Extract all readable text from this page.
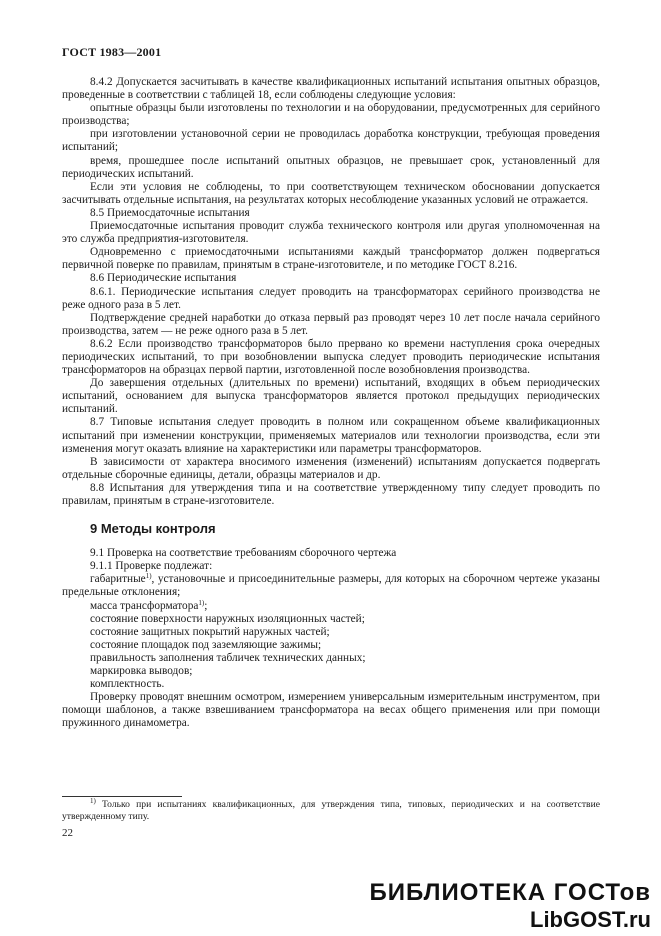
ГОСТ 1983—2001

8.4.2 Допускается засчитывать в качестве квалификационных испытаний испытания опытных образцов, проведенные в соответствии с таблицей 18, если соблюдены следующие условия:

опытные образцы были изготовлены по технологии и на оборудовании, предусмотренных для серийного производства;

при изготовлении установочной серии не проводилась доработка конструкции, требующая проведения испытаний;

время, прошедшее после испытаний опытных образцов, не превышает срок, установленный для периодических испытаний.

Если эти условия не соблюдены, то при соответствующем техническом обосновании допускается засчитывать отдельные испытания, на результатах которых несоблюдение указанных условий не отражается.

8.5 Приемосдаточные испытания

Приемосдаточные испытания проводит служба технического контроля или другая уполномоченная на это служба предприятия-изготовителя.

Одновременно с приемосдаточными испытаниями каждый трансформатор должен подвергаться первичной поверке по правилам, принятым в стране-изготовителе, и по методике ГОСТ 8.216.

8.6 Периодические испытания

8.6.1. Периодические испытания следует проводить на трансформаторах серийного производства не реже одного раза в 5 лет.

Подтверждение средней наработки до отказа первый раз проводят через 10 лет после начала серийного производства, затем — не реже одного раза в 5 лет.

8.6.2 Если производство трансформаторов было прервано ко времени наступления срока очередных периодических испытаний, то при возобновлении выпуска следует проводить периодические испытания трансформаторов на образцах первой партии, изготовленной после возобновления производства.

До завершения отдельных (длительных по времени) испытаний, входящих в объем периодических испытаний, основанием для выпуска трансформаторов является протокол предыдущих периодических испытаний.

8.7 Типовые испытания следует проводить в полном или сокращенном объеме квалификационных испытаний при изменении конструкции, применяемых материалов или технологии производства, если эти изменения могут оказать влияние на характеристики или параметры трансформаторов.

В зависимости от характера вносимого изменения (изменений) испытаниям допускается подвергать отдельные сборочные единицы, детали, образцы материалов и др.

8.8 Испытания для утверждения типа и на соответствие утвержденному типу следует проводить по правилам, принятым в стране-изготовителе.

9 Методы контроля

9.1 Проверка на соответствие требованиям сборочного чертежа

9.1.1 Проверке подлежат:

габаритные$^{1)}$, установочные и присоединительные размеры, для которых на сборочном чертеже указаны предельные отклонения;

масса трансформатора$^{1)}$;

состояние поверхности наружных изоляционных частей;

состояние защитных покрытий наружных частей;

состояние площадок под заземляющие зажимы;

правильность заполнения табличек технических данных;

маркировка выводов;

комплектность.

Проверку проводят внешним осмотром, измерением универсальным измерительным инструментом, при помощи шаблонов, а также взвешиванием трансформатора на весах общего применения или при помощи пружинного динамометра.

$^{1)}$ Только при испытаниях квалификационных, для утверждения типа, типовых, периодических и на соответствие утвержденному типу.
22
БИБЛИОТЕКА ГОСТов
LibGOST.ru
